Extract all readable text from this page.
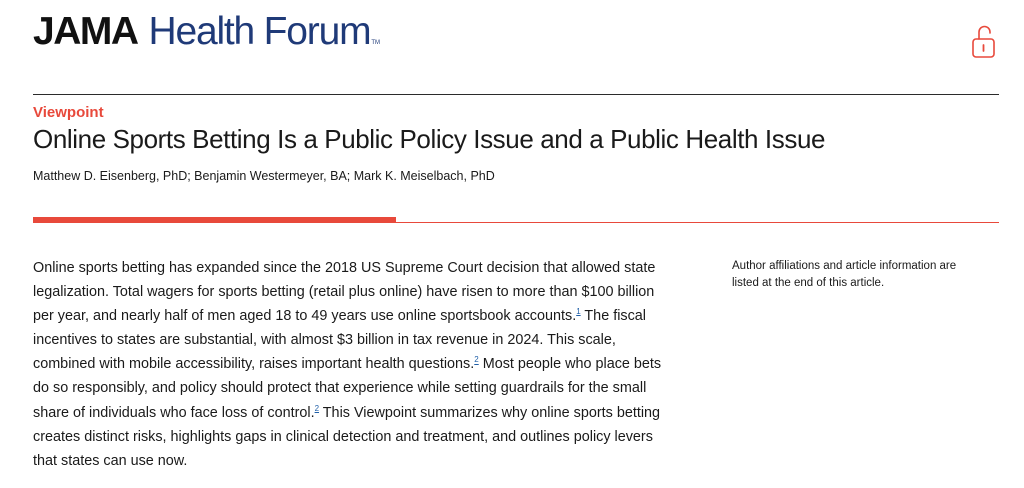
JAMA Health Forum TM
Viewpoint
Online Sports Betting Is a Public Policy Issue and a Public Health Issue
Matthew D. Eisenberg, PhD; Benjamin Westermeyer, BA; Mark K. Meiselbach, PhD
Online sports betting has expanded since the 2018 US Supreme Court decision that allowed state
legalization. Total wagers for sports betting (retail plus online) have risen to more than $100 billion
per year, and nearly half of men aged 18 to 49 years use online sportsbook accounts.$^1$ The fiscal
incentives to states are substantial, with almost $3 billion in tax revenue in 2024. This scale,
combined with mobile accessibility, raises important health questions.$^2$ Most people who place bets
do so responsibly, and policy should protect that experience while setting guardrails for the small
share of individuals who face loss of control.$^2$ This Viewpoint summarizes why online sports betting
creates distinct risks, highlights gaps in clinical detection and treatment, and outlines policy levers
that states can use now.
Author affiliations and article information are
listed at the end of this article.
